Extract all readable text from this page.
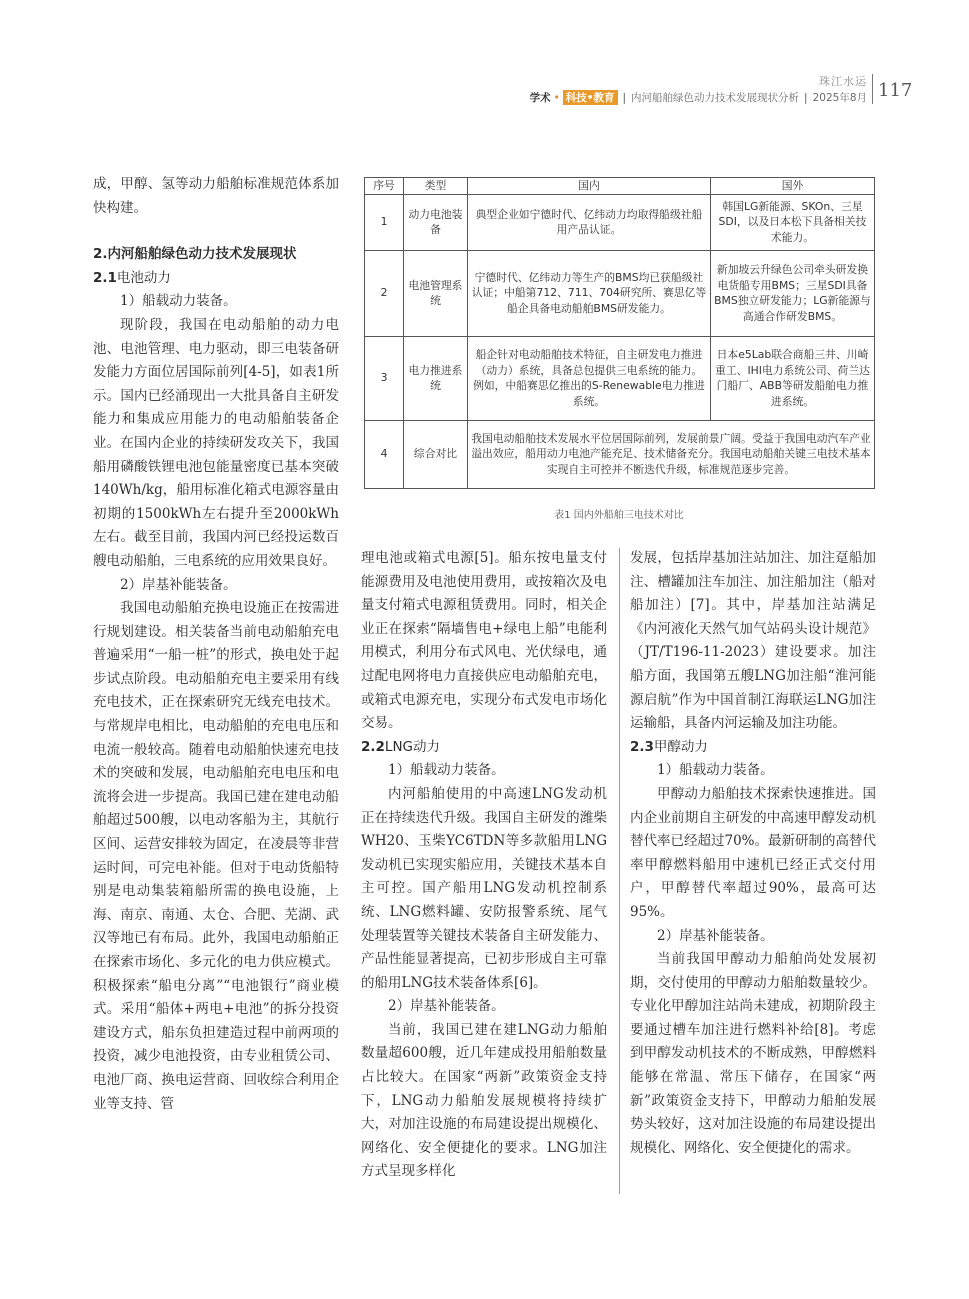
珠江水运
学术 • 科技•教育 | 内河船舶绿色动力技术发展现状分析 | 2025年8月 117
序号	类型	国内	国外
1	动力电池装备	典型企业如宁德时代、亿纬动力均取得船级社船用产品认证。	韩国LG新能源、SKOn、三星SDI，以及日本松下具备相关技术能力。
2	电池管理系统	宁德时代、亿纬动力等生产的BMS均已获船级社认证；中船第712、711、704研究所、赛思亿等船企具备电动船舶BMS研发能力。	新加坡云升绿色公司牵头研发换电货船专用BMS；三星SDI具备BMS独立研发能力；LG新能源与高通合作研发BMS。
3	电力推进系统	船企针对电动船舶技术特征，自主研发电力推进（动力）系统，具备总包提供三电系统的能力。例如，中船赛思亿推出的S-Renewable电力推进系统。	日本e5Lab联合商船三井、川崎重工、IHI电力系统公司、荷兰达门船厂、ABB等研发船舶电力推进系统。
4	综合对比	我国电动船舶技术发展水平位居国际前列，发展前景广阔。受益于我国电动汽车产业溢出效应，船用动力电池产能充足、技术储备充分。我国电动船舶关键三电技术基本实现自主可控并不断迭代升级，标准规范逐步完善。	
表1 国内外船舶三电技术对比

成，甲醇、氢等动力船舶标准规范体系加快构建。

2.内河船舶绿色动力技术发展现状

2.1电池动力

1）船载动力装备。

现阶段，我国在电动船舶的动力电池、电池管理、电力驱动，即三电装备研发能力方面位居国际前列[4-5]，如表1所示。国内已经涌现出一大批具备自主研发能力和集成应用能力的电动船舶装备企业。在国内企业的持续研发攻关下，我国船用磷酸铁锂电池包能量密度已基本突破140Wh/kg，船用标准化箱式电源容量由初期的1500kWh左右提升至2000kWh左右。截至目前，我国内河已经投运数百艘电动船舶，三电系统的应用效果良好。

2）岸基补能装备。

我国电动船舶充换电设施正在按需进行规划建设。相关装备当前电动船舶充电普遍采用“一船一桩”的形式，换电处于起步试点阶段。电动船舶充电主要采用有线充电技术，正在探索研究无线充电技术。与常规岸电相比，电动船舶的充电电压和电流一般较高。随着电动船舶快速充电技术的突破和发展，电动船舶充电电压和电流将会进一步提高。我国已建在建电动船舶超过500艘，以电动客船为主，其航行区间、运营安排较为固定，在凌晨等非营运时间，可完电补能。但对于电动货船特别是电动集装箱船所需的换电设施，上海、南京、南通、太仓、合肥、芜湖、武汉等地已有布局。此外，我国电动船舶正在探索市场化、多元化的电力供应模式。积极探索“船电分离”“电池银行”商业模式。采用“船体+两电+电池”的拆分投资建设方式，船东负担建造过程中前两项的投资，减少电池投资，由专业租赁公司、电池厂商、换电运营商、回收综合利用企业等支持、管

理电池或箱式电源[5]。船东按电量支付能源费用及电池使用费用，或按箱次及电量支付箱式电源租赁费用。同时，相关企业正在探索“隔墙售电+绿电上船”电能利用模式，利用分布式风电、光伏绿电，通过配电网将电力直接供应电动船舶充电，或箱式电源充电，实现分布式发电市场化交易。

2.2LNG动力

1）船载动力装备。

内河船舶使用的中高速LNG发动机正在持续迭代升级。我国自主研发的潍柴WH20、玉柴YC6TDN等多款船用LNG发动机已实现实船应用，关键技术基本自主可控。国产船用LNG发动机控制系统、LNG燃料罐、安防报警系统、尾气处理装置等关键技术装备自主研发能力、产品性能显著提高，已初步形成自主可靠的船用LNG技术装备体系[6]。

2）岸基补能装备。

当前，我国已建在建LNG动力船舶数量超600艘，近几年建成投用船舶数量占比较大。在国家“两新”政策资金支持下，LNG动力船舶发展规模将持续扩大，对加注设施的布局建设提出规模化、网络化、安全便捷化的要求。LNG加注方式呈现多样化

发展，包括岸基加注站加注、加注趸船加注、槽罐加注车加注、加注船加注（船对船加注）[7]。其中，岸基加注站满足《内河液化天然气加气站码头设计规范》（JT/T196-11-2023）建设要求。加注船方面，我国第五艘LNG加注船“淮河能源启航”作为中国首制江海联运LNG加注运输船，具备内河运输及加注功能。

2.3甲醇动力

1）船载动力装备。

甲醇动力船舶技术探索快速推进。国内企业前期自主研发的中高速甲醇发动机替代率已经超过70%。最新研制的高替代率甲醇燃料船用中速机已经正式交付用户，甲醇替代率超过90%，最高可达95%。

2）岸基补能装备。

当前我国甲醇动力船舶尚处发展初期，交付使用的甲醇动力船舶数量较少。专业化甲醇加注站尚未建成，初期阶段主要通过槽车加注进行燃料补给[8]。考虑到甲醇发动机技术的不断成熟，甲醇燃料能够在常温、常压下储存，在国家“两新”政策资金支持下，甲醇动力船舶发展势头较好，这对加注设施的布局建设提出规模化、网络化、安全便捷化的需求。
